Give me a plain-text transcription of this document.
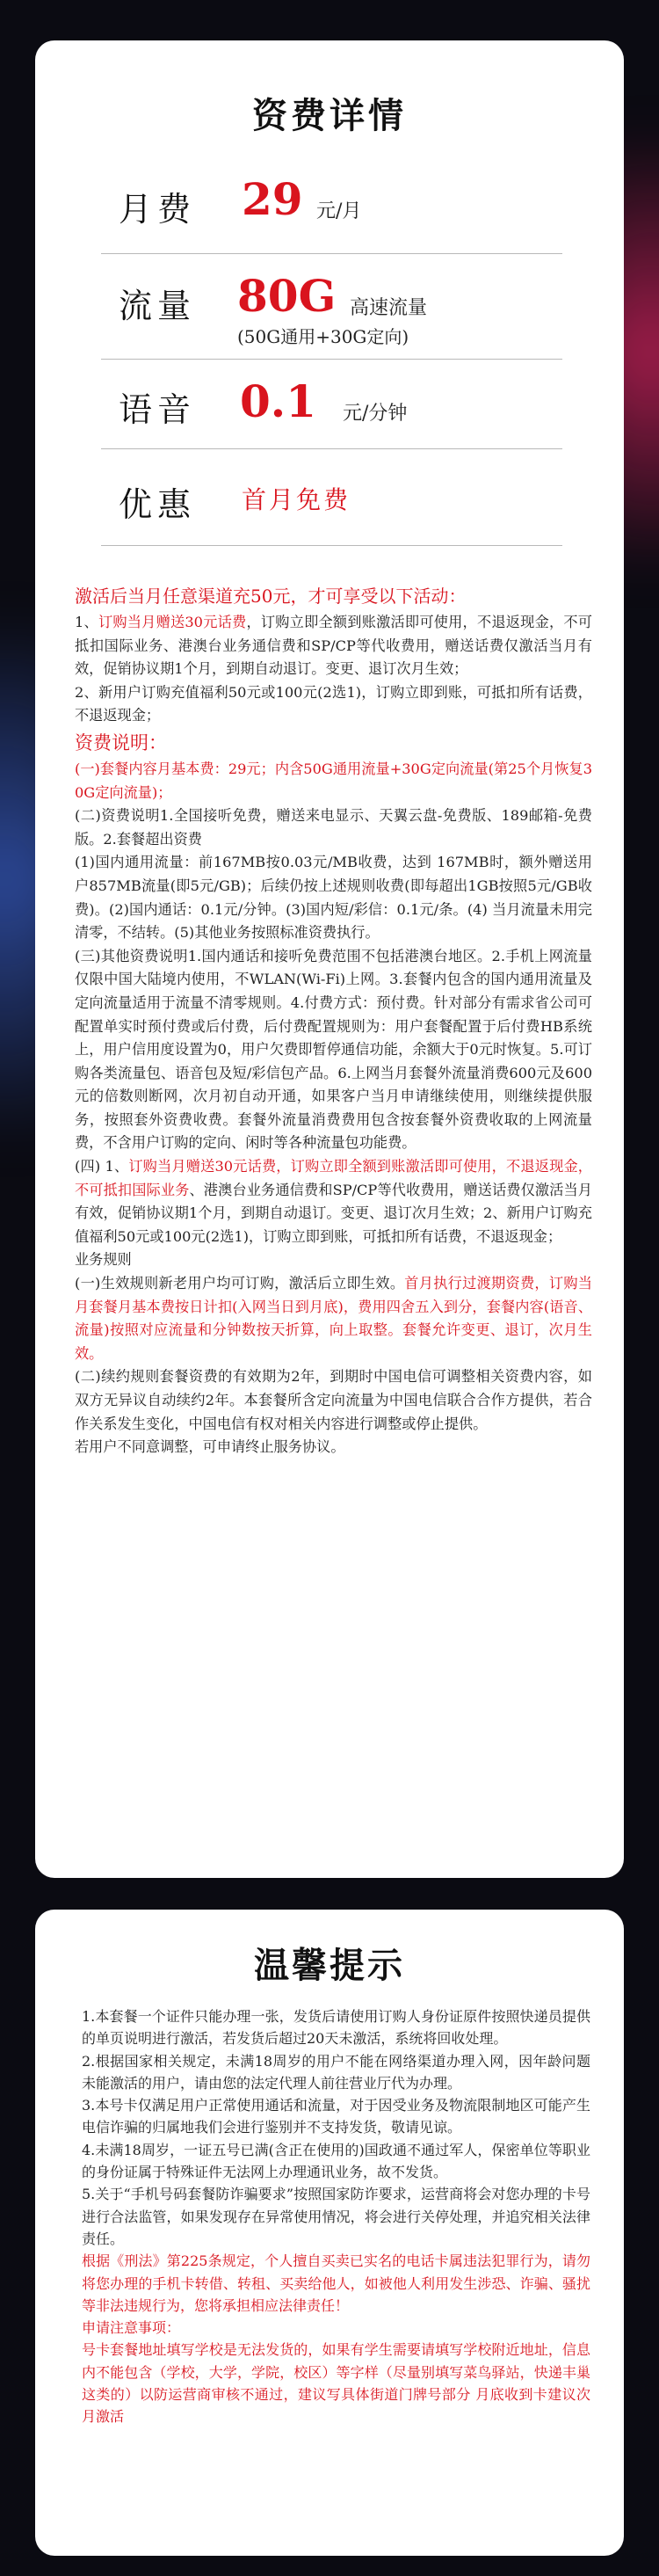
资费详情
月费 29 元/月
流量 80G 高速流量
(50G通用+30G定向)
语音 0.1 元/分钟
优惠 首月免费

激活后当月任意渠道充50元，才可享受以下活动：

1、订购当月赠送30元话费，订购立即全额到账激活即可使用，不退返现金，不可抵扣国际业务、港澳台业务通信费和SP/CP等代收费用，赠送话费仅激活当月有效，促销协议期1个月，到期自动退订。变更、退订次月生效；

2、新用户订购充值福利50元或100元(2选1)，订购立即到账，可抵扣所有话费，不退返现金；

资费说明：

(一)套餐内容月基本费：29元；内含50G通用流量+30G定向流量(第25个月恢复30G定向流量)；

(二)资费说明1.全国接听免费，赠送来电显示、天翼云盘-免费版、189邮箱-免费版。2.套餐超出资费

(1)国内通用流量：前167MB按0.03元/MB收费，达到 167MB时，额外赠送用户857MB流量(即5元/GB)；后续仍按上述规则收费(即每超出1GB按照5元/GB收费)。(2)国内通话：0.1元/分钟。(3)国内短/彩信：0.1元/条。(4) 当月流量未用完清零，不结转。(5)其他业务按照标准资费执行。

(三)其他资费说明1.国内通话和接听免费范围不包括港澳台地区。2.手机上网流量仅限中国大陆境内使用，不WLAN(Wi-Fi)上网。3.套餐内包含的国内通用流量及定向流量适用于流量不清零规则。4.付费方式：预付费。针对部分有需求省公司可配置单实时预付费或后付费，后付费配置规则为：用户套餐配置于后付费HB系统上，用户信用度设置为0，用户欠费即暂停通信功能，余额大于0元时恢复。5.可订购各类流量包、语音包及短/彩信包产品。6.上网当月套餐外流量消费600元及600元的倍数则断网，次月初自动开通，如果客户当月申请继续使用，则继续提供服务，按照套外资费收费。套餐外流量消费费用包含按套餐外资费收取的上网流量费，不含用户订购的定向、闲时等各种流量包功能费。

(四) 1、订购当月赠送30元话费，订购立即全额到账激活即可使用，不退返现金，不可抵扣国际业务、港澳台业务通信费和SP/CP等代收费用，赠送话费仅激活当月有效，促销协议期1个月，到期自动退订。变更、退订次月生效；2、新用户订购充值福利50元或100元(2选1)，订购立即到账，可抵扣所有话费，不退返现金；

业务规则

(一)生效规则新老用户均可订购，激活后立即生效。首月执行过渡期资费，订购当月套餐月基本费按日计扣(入网当日到月底)，费用四舍五入到分，套餐内容(语音、流量)按照对应流量和分钟数按天折算，向上取整。套餐允许变更、退订，次月生效。

(二)续约规则套餐资费的有效期为2年，到期时中国电信可调整相关资费内容，如双方无异议自动续约2年。本套餐所含定向流量为中国电信联合合作方提供，若合作关系发生变化，中国电信有权对相关内容进行调整或停止提供。

若用户不同意调整，可申请终止服务协议。

温馨提示

1.本套餐一个证件只能办理一张，发货后请使用订购人身份证原件按照快递员提供的单页说明进行激活，若发货后超过20天未激活，系统将回收处理。

2.根据国家相关规定，未满18周岁的用户不能在网络渠道办理入网，因年龄问题未能激活的用户，请由您的法定代理人前往营业厅代为办理。

3.本号卡仅满足用户正常使用通话和流量，对于因受业务及物流限制地区可能产生电信诈骗的归属地我们会进行鉴别并不支持发货，敬请见谅。

4.未满18周岁，一证五号已满(含正在使用的)国政通不通过军人，保密单位等职业的身份证属于特殊证件无法网上办理通讯业务，故不发货。

5.关于“手机号码套餐防诈骗要求”按照国家防诈要求，运营商将会对您办理的卡号进行合法监管，如果发现存在异常使用情况，将会进行关停处理，并追究相关法律责任。

根据《刑法》第225条规定，个人擅自买卖已实名的电话卡属违法犯罪行为，请勿将您办理的手机卡转借、转租、买卖给他人，如被他人利用发生涉恐、诈骗、骚扰等非法违规行为，您将承担相应法律责任！

申请注意事项：

号卡套餐地址填写学校是无法发货的，如果有学生需要请填写学校附近地址，信息内不能包含（学校，大学，学院，校区）等字样（尽量别填写菜鸟驿站，快递丰巢这类的）以防运营商审核不通过，建议写具体街道门牌号部分 月底收到卡建议次月激活
